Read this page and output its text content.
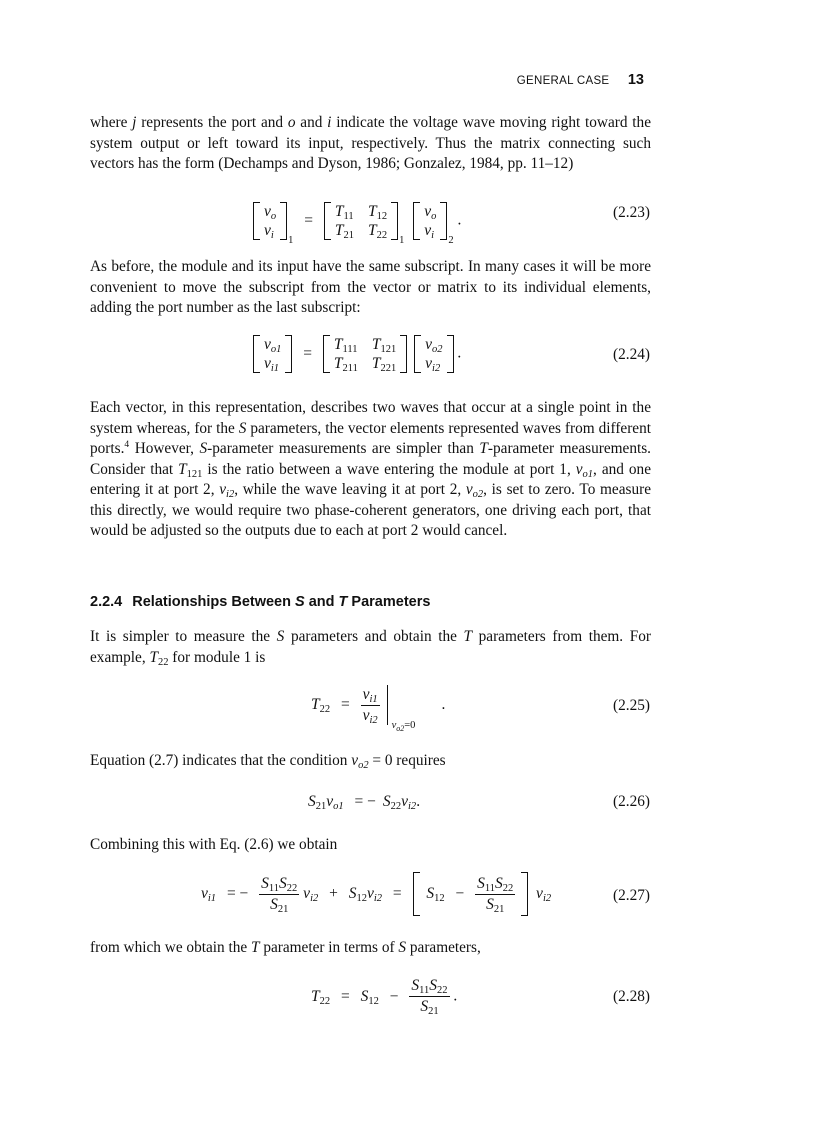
GENERAL CASE 13

where j represents the port and o and i indicate the voltage wave moving right toward the system output or left toward its input, respectively. Thus the matrix connecting such vectors has the form (Dechamps and Dyson, 1986; Gonzalez, 1984, pp. 11–12)

$v_o$
$v_i$ 1
=
$T_{11}$ $T_{12}$
$T_{21}$ $T_{22}$ 1

$v_o$
$v_i$ 2
.	(2.23)

As before, the module and its input have the same subscript. In many cases it will be more convenient to move the subscript from the vector or matrix to its individual elements, adding the port number as the last subscript:

$v_{o1}$
$v_{i1}$
=
$T_{111}$ $T_{121}$
$T_{211}$ $T_{221}$

$v_{o2}$
$v_{i2}$
.	(2.24)

Each vector, in this representation, describes two waves that occur at a single point in the system whereas, for the S parameters, the vector elements represented waves from different ports.$^4$ However, S-parameter measurements are simpler than T-parameter measurements. Consider that $T_{121}$ is the ratio between a wave entering the module at port 1, $v_{o1}$, and one entering it at port 2, $v_{i2}$, while the wave leaving it at port 2, $v_{o2}$, is set to zero. To measure this directly, we would require two phase-coherent generators, one driving each port, that would be adjusted so the outputs due to each at port 2 would cancel.

2.2.4 Relationships Between S and T Parameters

It is simpler to measure the S parameters and obtain the T parameters from them. For example, $T_{22}$ for module 1 is

$T_{22} = \frac{v_{i1}}{v_{i2}}$

$v_{o2}=0$
.	(2.25)

Equation (2.7) indicates that the condition $v_{o2} = 0$ requires

$S_{21}v_{o1}$ = − $S_{22}v_{i2}$.	(2.26)

Combining this with Eq. (2.6) we obtain

$v_{i1}$ = − $\frac{S_{11}S_{22}}{S_{21}} v_{i2} + S_{12}v_{i2} = S_{12} - \frac{S_{11}S_{22}}{S_{21}} v_{i2}$	(2.27)

from which we obtain the T parameter in terms of S parameters,

$T_{22} = S_{12} - \frac{S_{11}S_{22}}{S_{21}}$ .	(2.28)
